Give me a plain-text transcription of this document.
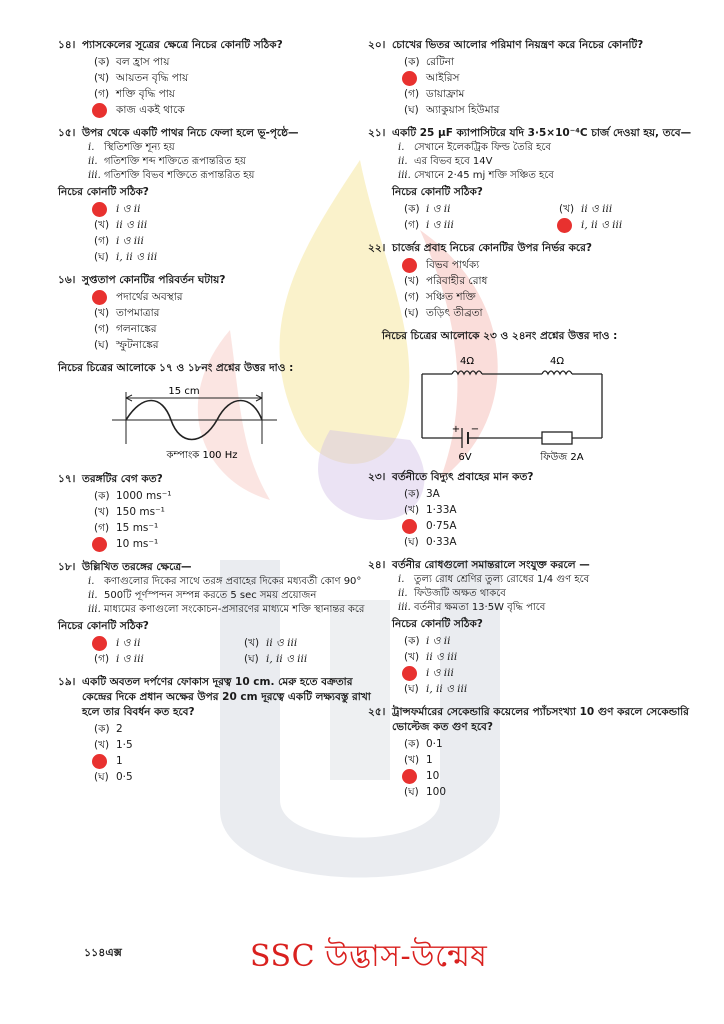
১৪। প্যাসকেলের সূত্রের ক্ষেত্রে নিচের কোনটি সঠিক?
(ক) বল হ্রাস পায়
(খ) আয়তন বৃদ্ধি পায়
(গ) শক্তি বৃদ্ধি পায়
কাজ একই থাকে
১৫। উপর থেকে একটি পাথর নিচে ফেলা হলে ভূ-পৃষ্ঠে—
i. স্থিতিশক্তি শূন্য হয়
ii. গতিশক্তি শব্দ শক্তিতে রূপান্তরিত হয়
iii. গতিশক্তি বিভব শক্তিতে রূপান্তরিত হয়
নিচের কোনটি সঠিক?
i ও ii
(খ) ii ও iii
(গ) i ও iii
(ঘ) i, ii ও iii
১৬। সুপ্ততাপ কোনটির পরিবর্তন ঘটায়?
পদার্থের অবস্থার
(খ) তাপমাত্রার
(গ) গলনাঙ্কের
(ঘ) স্ফুটনাঙ্কের
নিচের চিত্রের আলোকে ১৭ ও ১৮নং প্রশ্নের উত্তর দাও :
15 cm
কম্পাংক 100 Hz
১৭। তরঙ্গটির বেগ কত?
(ক) 1000 ms⁻¹
(খ) 150 ms⁻¹
(গ) 15 ms⁻¹
10 ms⁻¹
১৮। উল্লিখিত তরঙ্গের ক্ষেত্রে—
i. কণাগুলোর দিকের সাথে তরঙ্গ প্রবাহের দিকের মধ্যবর্তী কোণ 90°
ii. 500টি পূর্ণস্পন্দন সম্পন্ন করতে 5 sec সময় প্রয়োজন
iii. মাধ্যমের কণাগুলো সংকোচন-প্রসারণের মাধ্যমে শক্তি স্থানান্তর করে
নিচের কোনটি সঠিক?
i ও ii	(খ) ii ও iii
(গ) i ও iii	(ঘ) i, ii ও iii
১৯। একটি অবতল দর্পণের ফোকাস দূরত্ব 10 cm. মেরু হতে বক্রতার কেন্দ্রের দিকে প্রধান অক্ষের উপর 20 cm দূরত্বে একটি লক্ষ্যবস্তু রাখা হলে তার বিবর্ধন কত হবে?
(ক) 2
(খ) 1·5
1
(ঘ) 0·5
২০। চোখের ভিতর আলোর পরিমাণ নিয়ন্ত্রণ করে নিচের কোনটি?
(ক) রেটিনা
আইরিস
(গ) ডায়াফ্রাম
(ঘ) অ্যাকুয়াস হিউমার
২১। একটি 25 μF ক্যাপাসিটরে যদি 3·5×10⁻⁴C চার্জ দেওয়া হয়, তবে—
i. সেখানে ইলেকট্রিক ফিল্ড তৈরি হবে
ii. এর বিভব হবে 14V
iii. সেখানে 2·45 mj শক্তি সঞ্চিত হবে
নিচের কোনটি সঠিক?
(ক) i ও ii	(খ) ii ও iii
(গ) i ও iii	i, ii ও iii
২২। চার্জের প্রবাহ নিচের কোনটির উপর নির্ভর করে?
বিভব পার্থক্য
(খ) পরিবাহীর রোধ
(গ) সঞ্চিত শক্তি
(ঘ) তড়িৎ তীব্রতা
নিচের চিত্রের আলোকে ২৩ ও ২৪নং প্রশ্নের উত্তর দাও :
4Ω	4Ω
+ −
6V	ফিউজ 2A
২৩। বর্তনীতে বিদ্যুৎ প্রবাহের মান কত?
(ক) 3A
(খ) 1·33A
0·75A
(ঘ) 0·33A
২৪। বর্তনীর রোধগুলো সমান্তরালে সংযুক্ত করলে —
i. তুল্য রোধ শ্রেণির তুল্য রোধের 1/4 গুণ হবে
ii. ফিউজটি অক্ষত থাকবে
iii. বর্তনীর ক্ষমতা 13·5W বৃদ্ধি পাবে
নিচের কোনটি সঠিক?
(ক) i ও ii
(খ) ii ও iii
i ও iii
(ঘ) i, ii ও iii
২৫। ট্রান্সফর্মারের সেকেন্ডারি কয়েলের প্যাঁচসংখ্যা 10 গুণ করলে সেকেন্ডারি ভোল্টেজ কত গুণ হবে?
(ক) 0·1
(খ) 1
10
(ঘ) 100
১১৪এক্স	SSC উদ্ভাস-উন্মেষ
